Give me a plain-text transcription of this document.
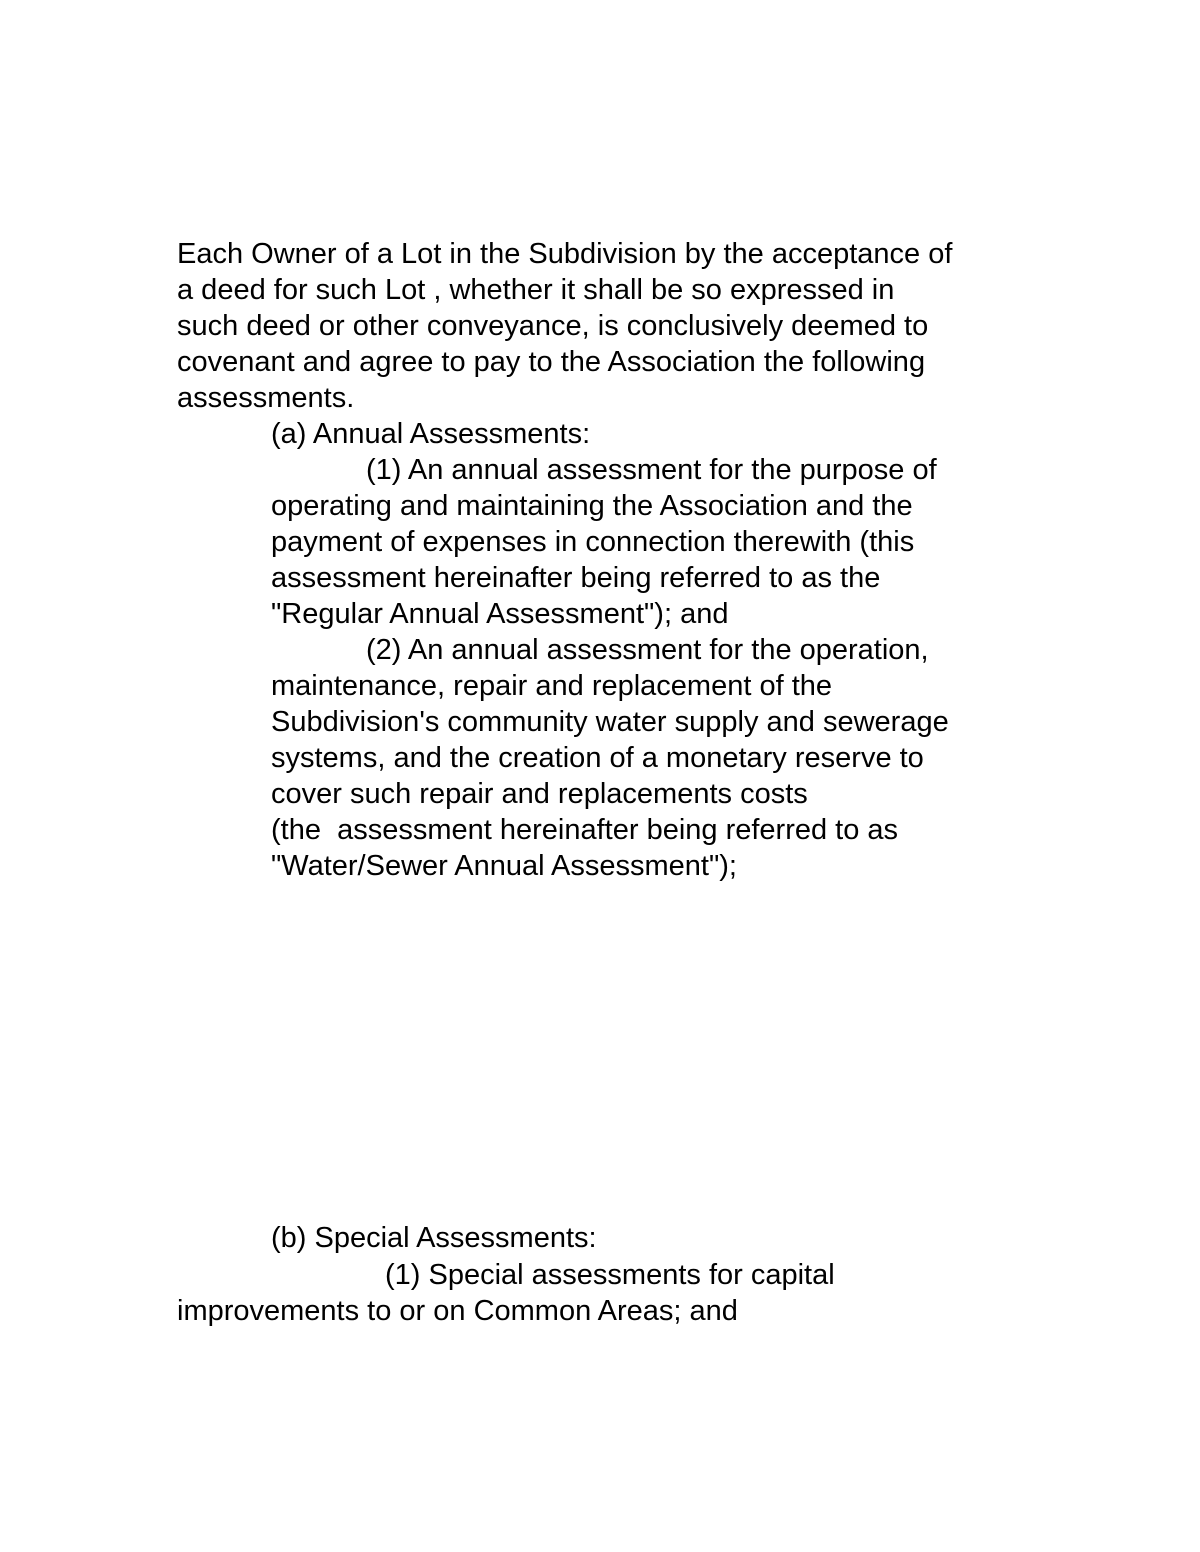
Each Owner of a Lot in the Subdivision by the acceptance of

a deed for such Lot , whether it shall be so expressed in

such deed or other conveyance, is conclusively deemed to

covenant and agree to pay to the Association the following

assessments.

(a) Annual Assessments:

(1) An annual assessment for the purpose of

operating and maintaining the Association and the

payment of expenses in connection therewith (this

assessment hereinafter being referred to as the

"Regular Annual Assessment"); and

(2) An annual assessment for the operation,

maintenance, repair and replacement of the

Subdivision's community water supply and sewerage

systems, and the creation of a monetary reserve to

cover such repair and replacements costs

(the  assessment hereinafter being referred to as

"Water/Sewer Annual Assessment");

(b) Special Assessments:

(1) Special assessments for capital

improvements to or on Common Areas; and
